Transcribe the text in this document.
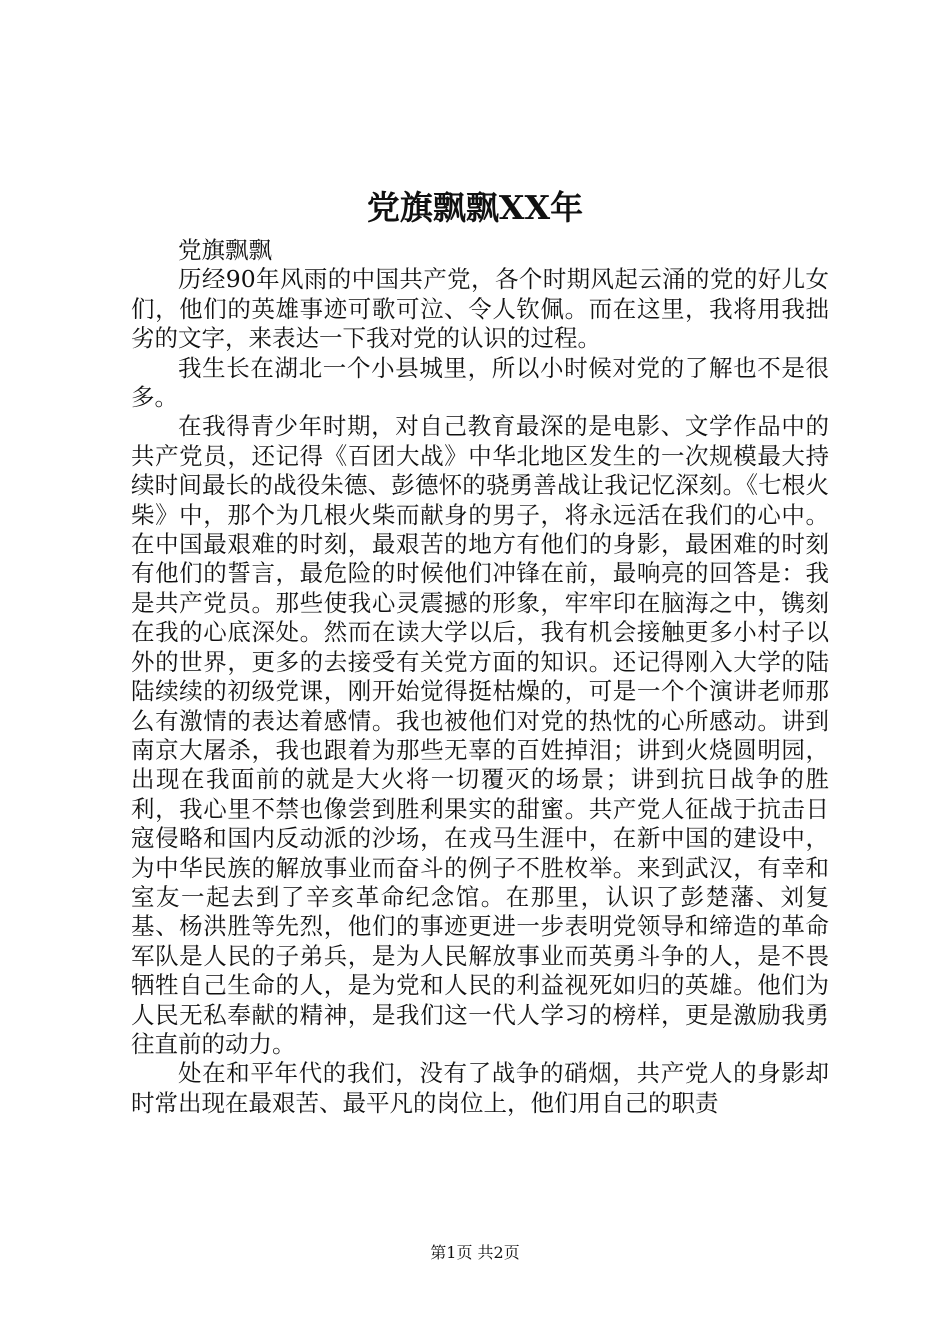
党旗飘飘XX年

党旗飘飘

历经90年风雨的中国共产党，各个时期风起云涌的党的好儿女们，他们的英雄事迹可歌可泣、令人钦佩。而在这里，我将用我拙劣的文字，来表达一下我对党的认识的过程。

我生长在湖北一个小县城里，所以小时候对党的了解也不是很多。

在我得青少年时期，对自己教育最深的是电影、文学作品中的共产党员，还记得《百团大战》中华北地区发生的一次规模最大持续时间最长的战役朱德、彭德怀的骁勇善战让我记忆深刻。《七根火柴》中，那个为几根火柴而献身的男子，将永远活在我们的心中。在中国最艰难的时刻，最艰苦的地方有他们的身影，最困难的时刻有他们的誓言，最危险的时候他们冲锋在前，最响亮的回答是：我是共产党员。那些使我心灵震撼的形象，牢牢印在脑海之中，镌刻在我的心底深处。然而在读大学以后，我有机会接触更多小村子以外的世界，更多的去接受有关党方面的知识。还记得刚入大学的陆陆续续的初级党课，刚开始觉得挺枯燥的，可是一个个演讲老师那么有激情的表达着感情。我也被他们对党的热忱的心所感动。讲到南京大屠杀，我也跟着为那些无辜的百姓掉泪；讲到火烧圆明园，出现在我面前的就是大火将一切覆灭的场景；讲到抗日战争的胜利，我心里不禁也像尝到胜利果实的甜蜜。共产党人征战于抗击日寇侵略和国内反动派的沙场，在戎马生涯中，在新中国的建设中，为中华民族的解放事业而奋斗的例子不胜枚举。来到武汉，有幸和室友一起去到了辛亥革命纪念馆。在那里，认识了彭楚藩、刘复基、杨洪胜等先烈，他们的事迹更进一步表明党领导和缔造的革命军队是人民的子弟兵，是为人民解放事业而英勇斗争的人，是不畏牺牲自己生命的人，是为党和人民的利益视死如归的英雄。他们为人民无私奉献的精神，是我们这一代人学习的榜样，更是激励我勇往直前的动力。

处在和平年代的我们，没有了战争的硝烟，共产党人的身影却时常出现在最艰苦、最平凡的岗位上，他们用自己的职责

第1页 共2页
